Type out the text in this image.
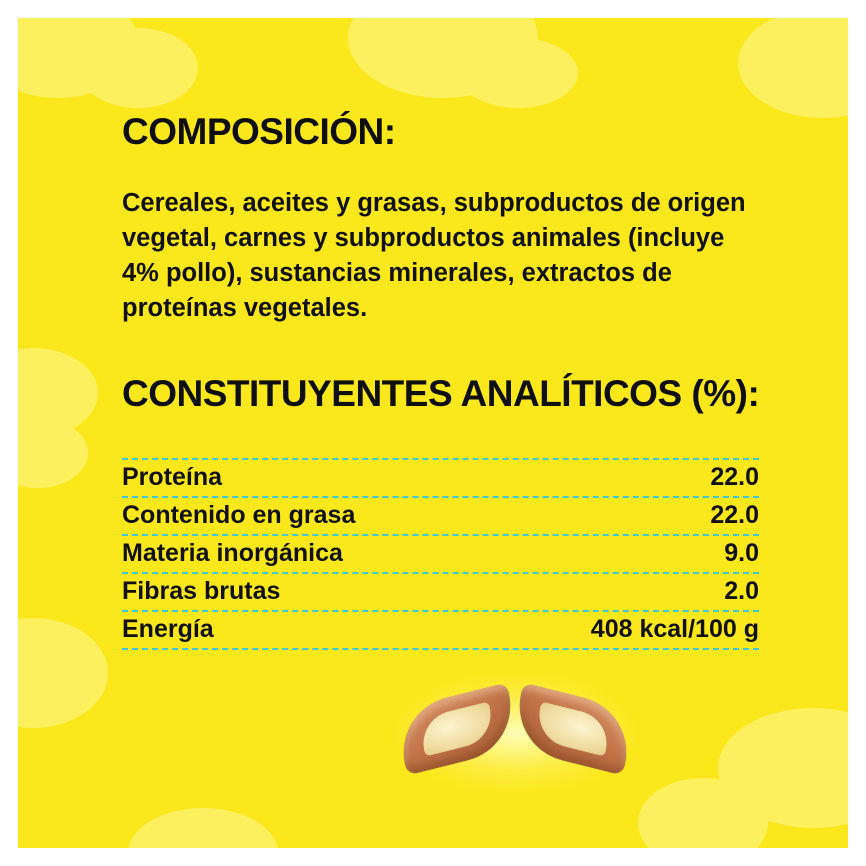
COMPOSICIÓN:
Cereales, aceites y grasas, subproductos de origen vegetal, carnes y subproductos animales (incluye 4% pollo), sustancias minerales, extractos de proteínas vegetales.
CONSTITUYENTES ANALÍTICOS (%):
Proteína	22.0
Contenido en grasa	22.0
Materia inorgánica	9.0
Fibras brutas	2.0
Energía	408 kcal/100 g
